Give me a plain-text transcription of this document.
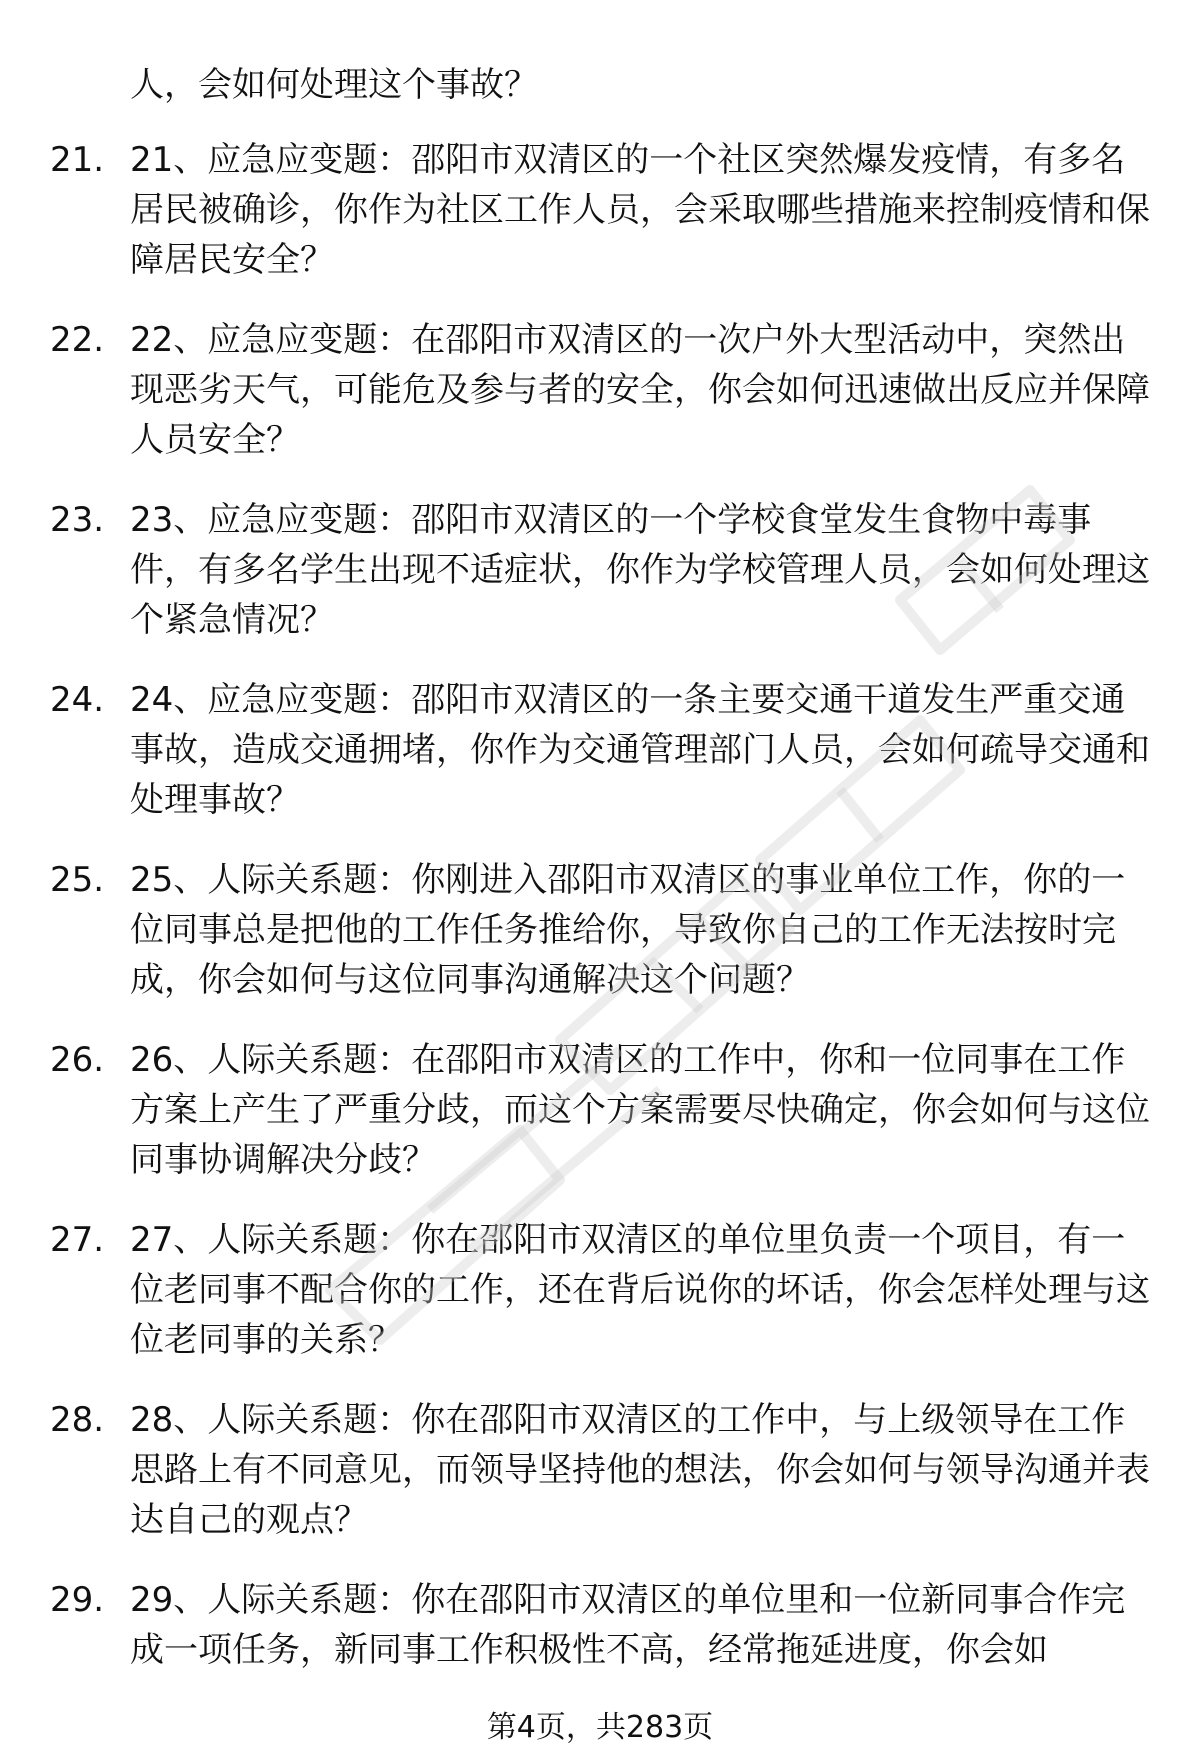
人，会如何处理这个事故？
21. 21、应急应变题：邵阳市双清区的一个社区突然爆发疫情，有多名居民被确诊，你作为社区工作人员，会采取哪些措施来控制疫情和保障居民安全？
22. 22、应急应变题：在邵阳市双清区的一次户外大型活动中，突然出现恶劣天气，可能危及参与者的安全，你会如何迅速做出反应并保障人员安全？
23. 23、应急应变题：邵阳市双清区的一个学校食堂发生食物中毒事件，有多名学生出现不适症状，你作为学校管理人员，会如何处理这个紧急情况？
24. 24、应急应变题：邵阳市双清区的一条主要交通干道发生严重交通事故，造成交通拥堵，你作为交通管理部门人员，会如何疏导交通和处理事故？
25. 25、人际关系题：你刚进入邵阳市双清区的事业单位工作，你的一位同事总是把他的工作任务推给你，导致你自己的工作无法按时完成，你会如何与这位同事沟通解决这个问题？
26. 26、人际关系题：在邵阳市双清区的工作中，你和一位同事在工作方案上产生了严重分歧，而这个方案需要尽快确定，你会如何与这位同事协调解决分歧？
27. 27、人际关系题：你在邵阳市双清区的单位里负责一个项目，有一位老同事不配合你的工作，还在背后说你的坏话，你会怎样处理与这位老同事的关系？
28. 28、人际关系题：你在邵阳市双清区的工作中，与上级领导在工作思路上有不同意见，而领导坚持他的想法，你会如何与领导沟通并表达自己的观点？
29. 29、人际关系题：你在邵阳市双清区的单位里和一位新同事合作完成一项任务，新同事工作积极性不高，经常拖延进度，你会如
第4页，共283页
